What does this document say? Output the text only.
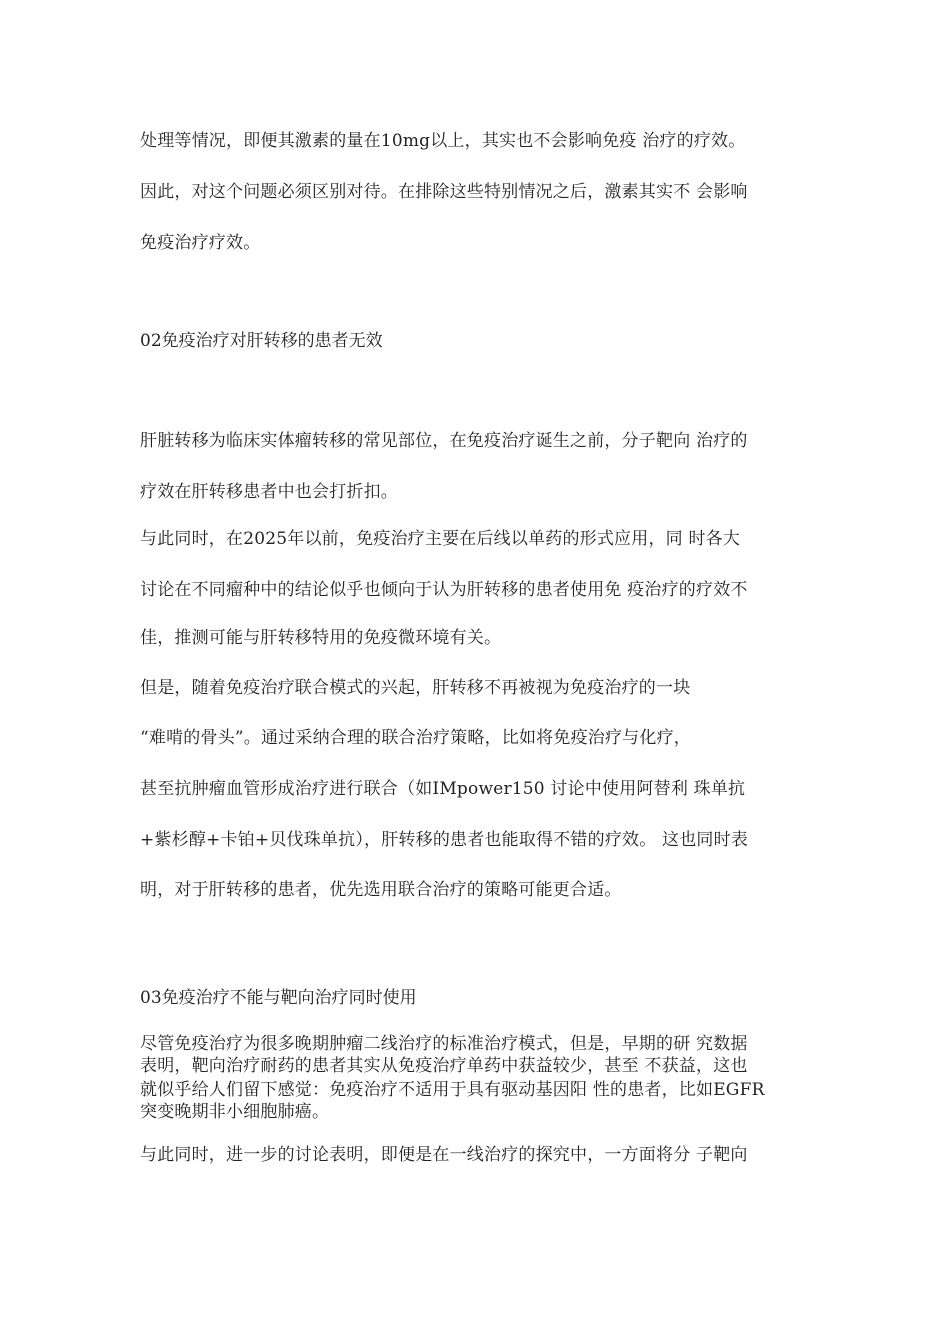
处理等情况，即便其激素的量在10mg以上，其实也不会影响免疫 治疗的疗效。
因此，对这个问题必须区别对待。在排除这些特别情况之后，激素其实不 会影响
免疫治疗疗效。
02免疫治疗对肝转移的患者无效
肝脏转移为临床实体瘤转移的常见部位，在免疫治疗诞生之前，分子靶向 治疗的
疗效在肝转移患者中也会打折扣。
与此同时，在2025年以前，免疫治疗主要在后线以单药的形式应用，同 时各大
讨论在不同瘤种中的结论似乎也倾向于认为肝转移的患者使用免 疫治疗的疗效不
佳，推测可能与肝转移特用的免疫微环境有关。
但是，随着免疫治疗联合模式的兴起，肝转移不再被视为免疫治疗的一块
“难啃的骨头”。通过采纳合理的联合治疗策略，比如将免疫治疗与化疗，
甚至抗肿瘤血管形成治疗进行联合（如IMpower150 讨论中使用阿替利 珠单抗
+紫杉醇+卡铂+贝伐珠单抗），肝转移的患者也能取得不错的疗效。 这也同时表
明，对于肝转移的患者，优先选用联合治疗的策略可能更合适。
03免疫治疗不能与靶向治疗同时使用
尽管免疫治疗为很多晚期肿瘤二线治疗的标准治疗模式，但是，早期的研 究数据
表明，靶向治疗耐药的患者其实从免疫治疗单药中获益较少，甚至 不获益，这也
就似乎给人们留下感觉：免疫治疗不适用于具有驱动基因阳 性的患者，比如EGFR
突变晚期非小细胞肺癌。
与此同时，进一步的讨论表明，即便是在一线治疗的探究中，一方面将分 子靶向
